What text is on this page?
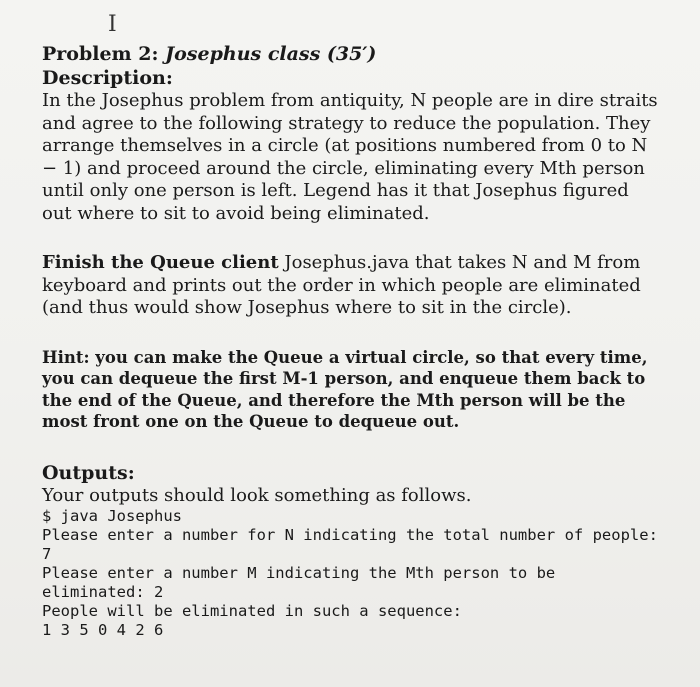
I

Problem 2: Josephus class (35′)

Description:

In the Josephus problem from antiquity, N people are in dire straits and agree to the following strategy to reduce the population. They arrange themselves in a circle (at positions numbered from 0 to N − 1) and proceed around the circle, eliminating every Mth person until only one person is left. Legend has it that Josephus figured out where to sit to avoid being eliminated.

Finish the Queue client Josephus.java that takes N and M from keyboard and prints out the order in which people are eliminated (and thus would show Josephus where to sit in the circle).

Hint: you can make the Queue a virtual circle, so that every time, you can dequeue the first M-1 person, and enqueue them back to the end of the Queue, and therefore the Mth person will be the most front one on the Queue to dequeue out.

Outputs:

Your outputs should look something as follows.

$ java Josephus

Please enter a number for N indicating the total number of people: 7

Please enter a number M indicating the Mth person to be eliminated: 2

People will be eliminated in such a sequence:

1 3 5 0 4 2 6
